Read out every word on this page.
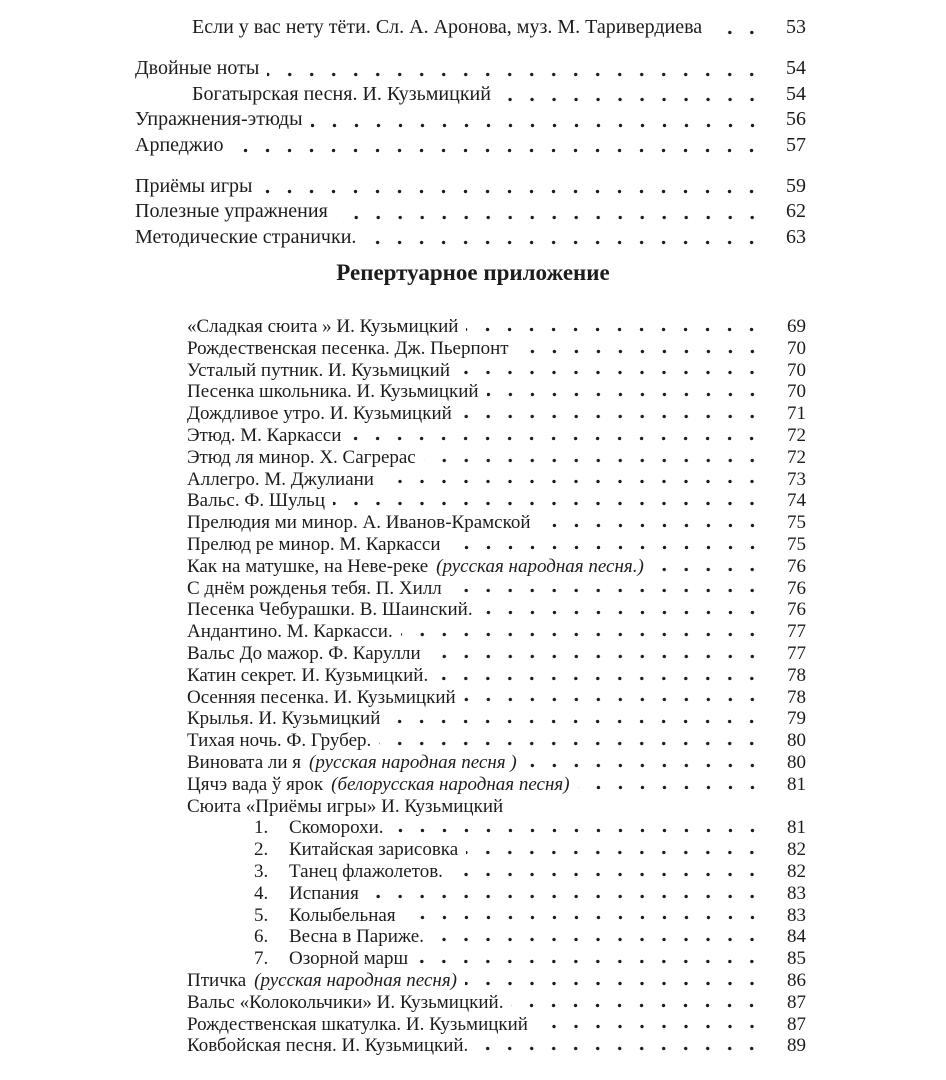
Если у вас нету тёти. Сл. А. Аронова, муз. М. Таривердиева	53
Двойные ноты	54
Богатырская песня. И. Кузьмицкий	54
Упражнения-этюды	56
Арпеджио	57
Приёмы игры	59
Полезные упражнения	62
Методические странички.	63
Репертуарное приложение
«Сладкая сюита » И. Кузьмицкий	69
Рождественская песенка. Дж. Пьерпонт	70
Усталый путник. И. Кузьмицкий	70
Песенка школьника. И. Кузьмицкий	70
Дождливое утро. И. Кузьмицкий	71
Этюд. М. Каркасси	72
Этюд ля минор. Х. Сагрерас	72
Аллегро. М. Джулиани	73
Вальс. Ф. Шульц	74
Прелюдия ми минор. А. Иванов-Крамской	75
Прелюд ре минор. М. Каркасси	75
Как на матушке, на Неве-реке (русская народная песня.)	76
С днём рожденья тебя. П. Хилл	76
Песенка Чебурашки. В. Шаинский.	76
Андантино. М. Каркасси.	77
Вальс До мажор. Ф. Карулли	77
Катин секрет. И. Кузьмицкий.	78
Осенняя песенка. И. Кузьмицкий	78
Крылья. И. Кузьмицкий	79
Тихая ночь. Ф. Грубер.	80
Виновата ли я (русская народная песня )	80
Цячэ вада ў ярок (белорусская народная песня)	81
Сюита «Приёмы игры» И. Кузьмицкий
1.	Скоморохи.	81
2.	Китайская зарисовка	82
3.	Танец флажолетов.	82
4.	Испания	83
5.	Колыбельная	83
6.	Весна в Париже.	84
7.	Озорной марш	85
Птичка (русская народная песня)	86
Вальс «Колокольчики» И. Кузьмицкий.	87
Рождественская шкатулка. И. Кузьмицкий	87
Ковбойская песня. И. Кузьмицкий.	89
